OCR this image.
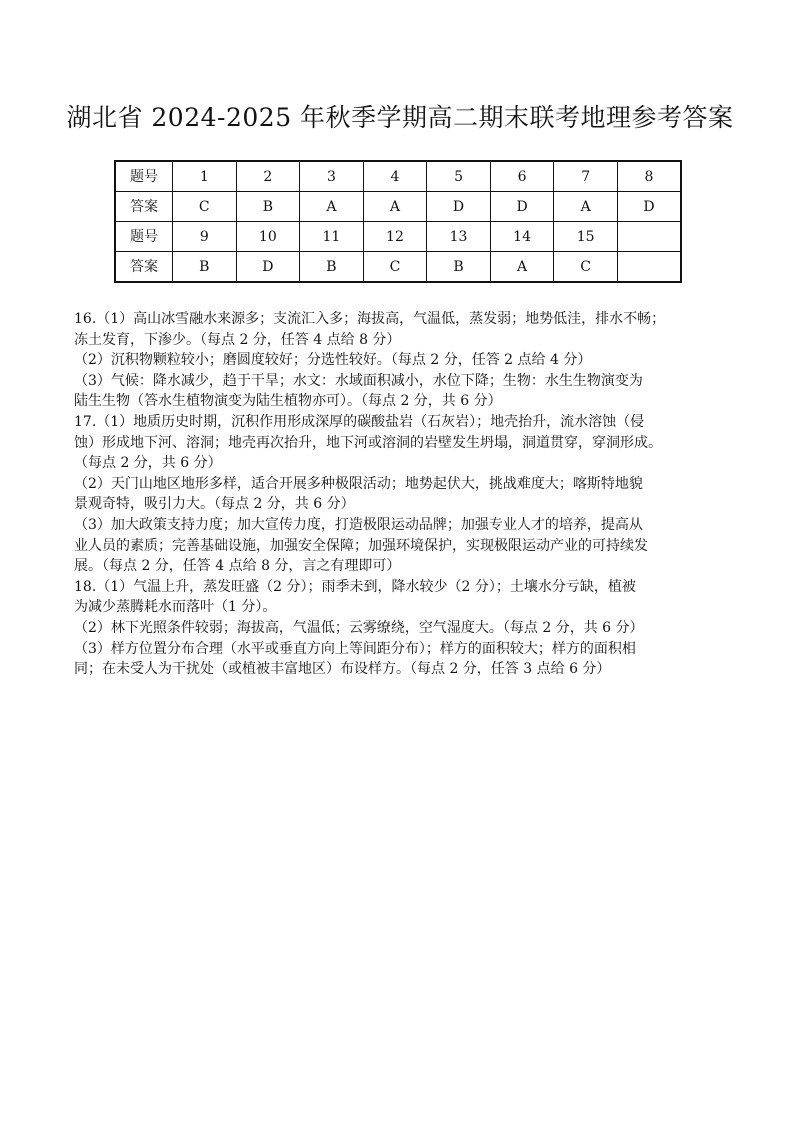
湖北省 2024-2025 年秋季学期高二期末联考地理参考答案
题号	1	2	3	4	5	6	7	8
答案	C	B	A	A	D	D	A	D
题号	9	10	11	12	13	14	15	
答案	B	D	B	C	B	A	C	
16.（1）高山冰雪融水来源多；支流汇入多；海拔高，气温低，蒸发弱；地势低洼，排水不畅；
冻土发育，下渗少。（每点 2 分，任答 4 点给 8 分）
（2）沉积物颗粒较小；磨圆度较好；分选性较好。（每点 2 分，任答 2 点给 4 分）
（3）气候：降水减少，趋于干旱；水文：水域面积减小，水位下降；生物：水生生物演变为
陆生生物（答水生植物演变为陆生植物亦可）。（每点 2 分，共 6 分）
17.（1）地质历史时期，沉积作用形成深厚的碳酸盐岩（石灰岩）；地壳抬升，流水溶蚀（侵
蚀）形成地下河、溶洞；地壳再次抬升，地下河或溶洞的岩壁发生坍塌，洞道贯穿，穿洞形成。
（每点 2 分，共 6 分）
（2）天门山地区地形多样，适合开展多种极限活动；地势起伏大，挑战难度大；喀斯特地貌
景观奇特，吸引力大。（每点 2 分，共 6 分）
（3）加大政策支持力度；加大宣传力度，打造极限运动品牌；加强专业人才的培养，提高从
业人员的素质；完善基础设施，加强安全保障；加强环境保护，实现极限运动产业的可持续发
展。（每点 2 分，任答 4 点给 8 分，言之有理即可）
18.（1）气温上升，蒸发旺盛（2 分）；雨季未到，降水较少（2 分）；土壤水分亏缺，植被
为减少蒸腾耗水而落叶（1 分）。
（2）林下光照条件较弱；海拔高，气温低；云雾缭绕，空气湿度大。（每点 2 分，共 6 分）
（3）样方位置分布合理（水平或垂直方向上等间距分布）；样方的面积较大；样方的面积相
同；在未受人为干扰处（或植被丰富地区）布设样方。（每点 2 分，任答 3 点给 6 分）
